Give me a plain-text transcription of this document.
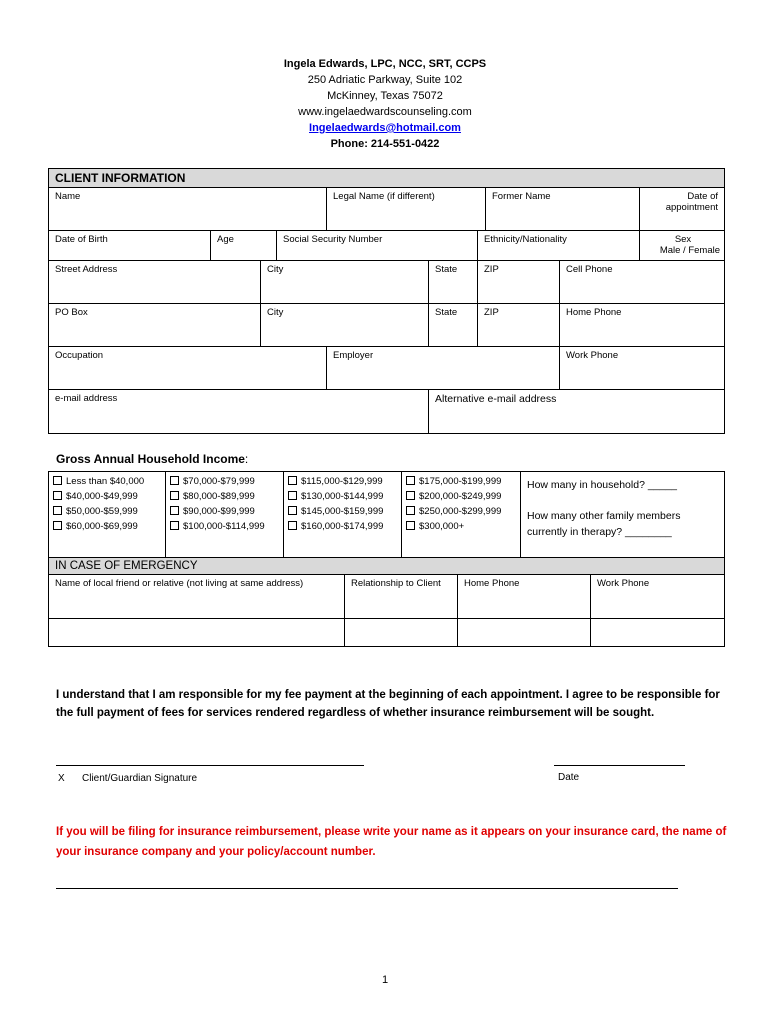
Ingela Edwards, LPC, NCC, SRT, CCPS
250 Adriatic Parkway, Suite 102
McKinney, Texas 75072
www.ingelaedwardscounseling.com
Ingelaedwards@hotmail.com
Phone: 214-551-0422
CLIENT INFORMATION									

Name				Legal Name (if different)			Former Name		Date of appointment

Date of Birth	Age		Social Security Number			Ethnicity/Nationality			Sex
Male / Female

Street Address		City			State	ZIP		Cell Phone	

PO Box		City			State	ZIP		Home Phone	

Occupation				Employer				Work Phone	

e-mail address					Alternative e-mail address				
Gross Annual Household Income:
Less than $40,000
$40,000-$49,999
$50,000-$59,999
$60,000-$69,999

$70,000-$79,999
$80,000-$89,999
$90,000-$99,999
$100,000-$114,999

$115,000-$129,999
$130,000-$144,999
$145,000-$159,999
$160,000-$174,999

$175,000-$199,999
$200,000-$249,999
$250,000-$299,999
$300,000+

How many in household? _____
How many other family members
currently in therapy? ________
IN CASE OF EMERGENCY			

Name of local friend or relative (not living at same address)	Relationship to Client	Home Phone	Work Phone

I understand that I am responsible for my fee payment at the beginning of each appointment. I agree to be responsible for the full payment of fees for services rendered regardless of whether insurance reimbursement will be sought.
X Client/Guardian Signature	Date
If you will be filing for insurance reimbursement, please write your name as it appears on your insurance card, the name of your insurance company and your policy/account number.
1
